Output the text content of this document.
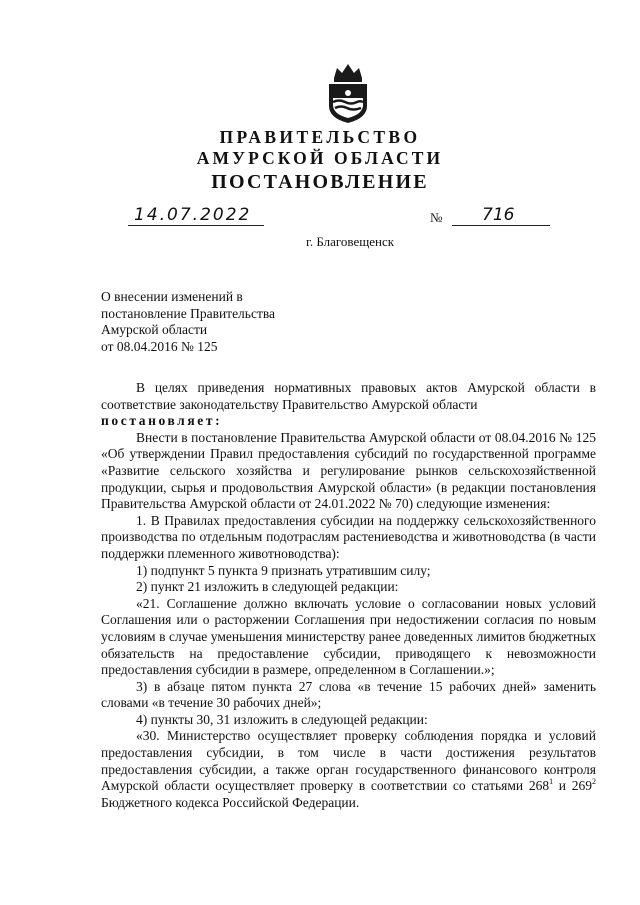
ПРАВИТЕЛЬСТВО
АМУРСКОЙ ОБЛАСТИ
ПОСТАНОВЛЕНИЕ
14.07.2022	№	716
г. Благовещенск
О внесении изменений в
постановление Правительства
Амурской области
от 08.04.2016 № 125

В целях приведения нормативных правовых актов Амурской области в соответствие законодательству Правительство Амурской области

постановляет:

Внести в постановление Правительства Амурской области от 08.04.2016 № 125 «Об утверждении Правил предоставления субсидий по государственной программе «Развитие сельского хозяйства и регулирование рынков сельскохозяйственной продукции, сырья и продовольствия Амурской области» (в редакции постановления Правительства Амурской области от 24.01.2022 № 70) следующие изменения:

1. В Правилах предоставления субсидии на поддержку сельскохозяйственного производства по отдельным подотраслям растениеводства и животноводства (в части поддержки племенного животноводства):

1) подпункт 5 пункта 9 признать утратившим силу;

2) пункт 21 изложить в следующей редакции:

«21. Соглашение должно включать условие о согласовании новых условий Соглашения или о расторжении Соглашения при недостижении согласия по новым условиям в случае уменьшения министерству ранее доведенных лимитов бюджетных обязательств на предоставление субсидии, приводящего к невозможности предоставления субсидии в размере, определенном в Соглашении.»;

3) в абзаце пятом пункта 27 слова «в течение 15 рабочих дней» заменить словами «в течение 30 рабочих дней»;

4) пункты 30, 31 изложить в следующей редакции:

«30. Министерство осуществляет проверку соблюдения порядка и условий предоставления субсидии, в том числе в части достижения результатов предоставления субсидии, а также орган государственного финансового контроля Амурской области осуществляет проверку в соответствии со статьями $268^1$ и $269^2$ Бюджетного кодекса Российской Федерации.
